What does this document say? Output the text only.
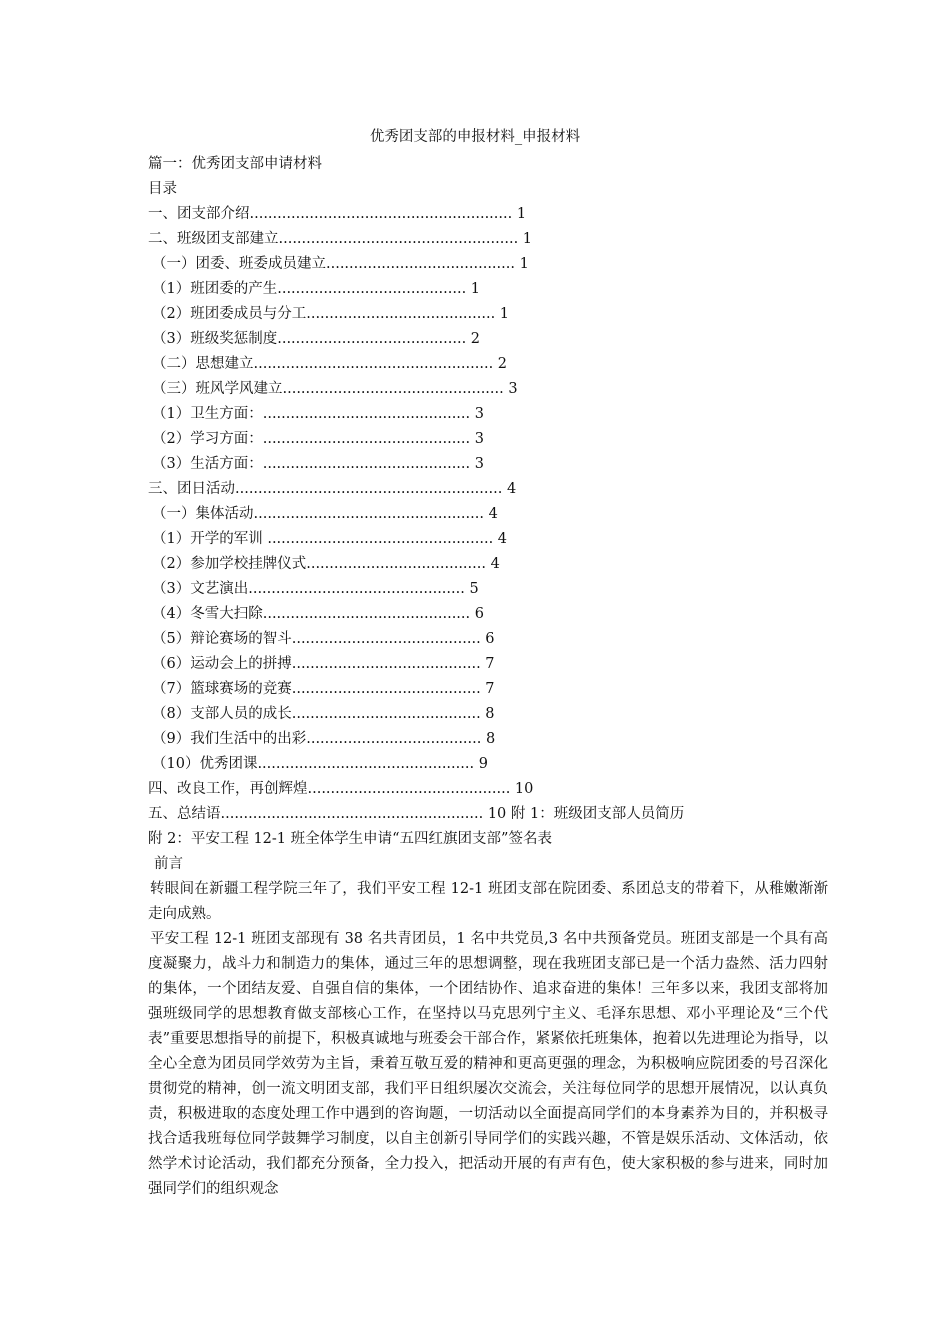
优秀团支部的申报材料_申报材料
篇一：优秀团支部申请材料
目录
一、团支部介绍......................................................... 1
二、班级团支部建立.................................................... 1
（一）团委、班委成员建立......................................... 1
（1）班团委的产生......................................... 1
（2）班团委成员与分工......................................... 1
（3）班级奖惩制度......................................... 2
（二）思想建立.................................................... 2
（三）班风学风建立................................................ 3
（1）卫生方面：............................................. 3
（2）学习方面：............................................. 3
（3）生活方面：............................................. 3
三、团日活动.......................................................... 4
（一）集体活动.................................................. 4
（1）开学的军训 ................................................. 4
（2）参加学校挂牌仪式....................................... 4
（3）文艺演出............................................... 5
（4）冬雪大扫除............................................. 6
（5）辩论赛场的智斗......................................... 6
（6）运动会上的拼搏......................................... 7
（7）篮球赛场的竞赛......................................... 7
（8）支部人员的成长......................................... 8
（9）我们生活中的出彩...................................... 8
（10）优秀团课............................................... 9
四、改良工作，再创辉煌............................................ 10
五、总结语......................................................... 10 附 1：班级团支部人员简历
附 2：平安工程 12-1 班全体学生申请“五四红旗团支部”签名表
前言

转眼间在新疆工程学院三年了，我们平安工程 12-1 班团支部在院团委、系团总支的带着下，从稚嫩渐渐走向成熟。

平安工程 12-1 班团支部现有 38 名共青团员，1 名中共党员,3 名中共预备党员。班团支部是一个具有高度凝聚力，战斗力和制造力的集体，通过三年的思想调整，现在我班团支部已是一个活力盎然、活力四射的集体，一个团结友爱、自强自信的集体，一个团结协作、追求奋进的集体！三年多以来，我团支部将加强班级同学的思想教育做支部核心工作，在坚持以马克思列宁主义、毛泽东思想、邓小平理论及“三个代表”重要思想指导的前提下，积极真诚地与班委会干部合作，紧紧依托班集体，抱着以先进理论为指导，以全心全意为团员同学效劳为主旨，秉着互敬互爱的精神和更高更强的理念，为积极响应院团委的号召深化贯彻党的精神，创一流文明团支部，我们平日组织屡次交流会，关注每位同学的思想开展情况，以认真负责，积极进取的态度处理工作中遇到的咨询题，一切活动以全面提高同学们的本身素养为目的，并积极寻找合适我班每位同学鼓舞学习制度，以自主创新引导同学们的实践兴趣，不管是娱乐活动、文体活动，依然学术讨论活动，我们都充分预备，全力投入，把活动开展的有声有色，使大家积极的参与进来，同时加强同学们的组织观念
